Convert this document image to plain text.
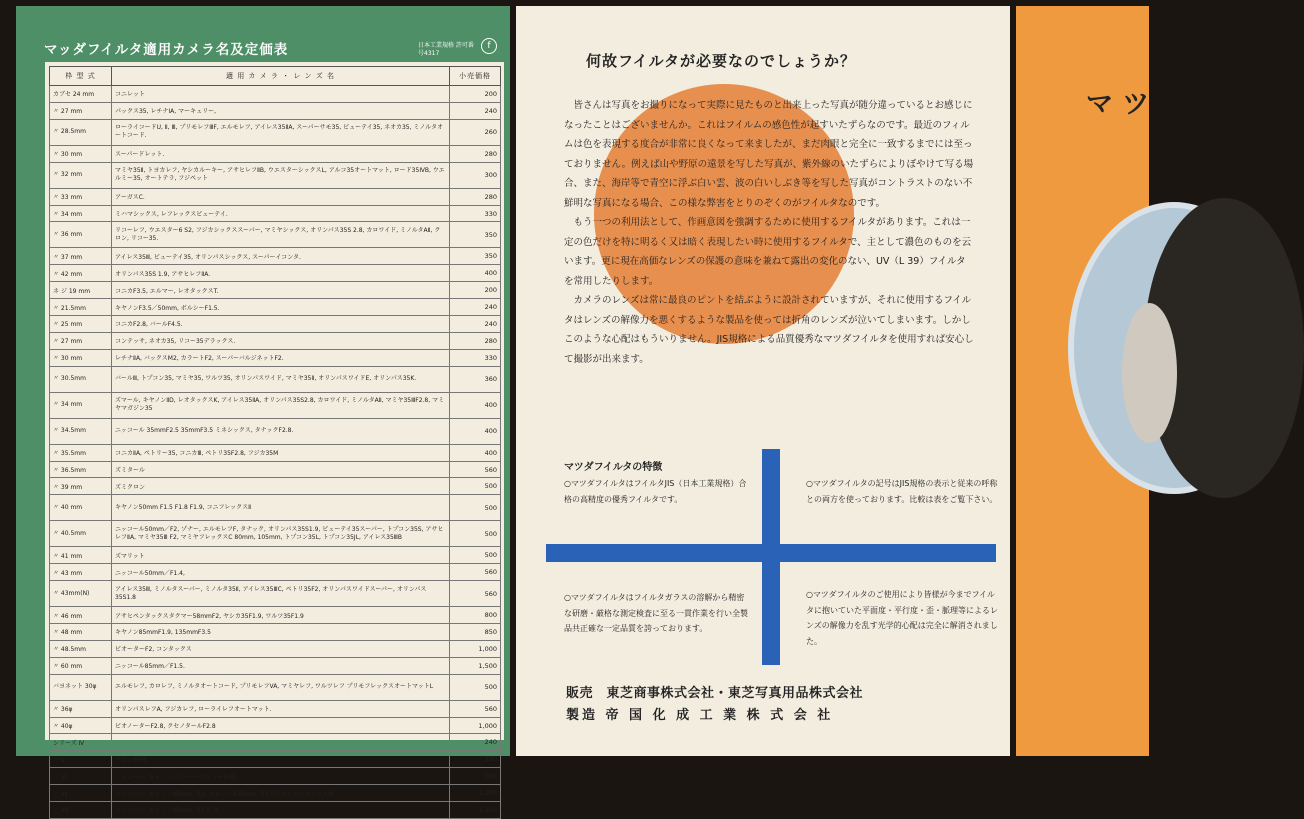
マッダフイルタ適用カメラ名及定価表	日本工業規格 許可番号4317
f
枠 型 式	適 用 カ メ ラ ・ レ ン ズ 名	小売価格
カブセ 24 mm	コニレット	200
〃 27 mm	パックス35, レチナⅠA, マーキュリー,	240
〃 28.5mm	ローライコードU, Ⅱ, Ⅲ, プリモレフⅢF, エルモレフ, アイレス35ⅡA, スーパーサモ35, ビューテイ35, ネオカ35, ミノルタオートコード.	260
〃 30 mm	スーパードレット.	280
〃 32 mm	マミヤ35Ⅱ, トヨカレフ, ヤシカルーキー, アサヒレフⅡB, ウエスターシックスL, アルコ35オートマット, ロード35ⅣB, ウエルミー35, オートテラ, フジペット	300
〃 33 mm	アーガスC.	280
〃 34 mm	ミハマシックス, レフレックスビューテイ.	330
〃 36 mm	リコーレフ, ウエスター6 S2, フジカシックススーパー, マミヤシックス, オリンパス35S 2.8, カロワイド, ミノルタAⅡ, クロン, リコー35.	350
〃 37 mm	アイレス35Ⅲ, ビューテイ35, オリンパスシックス, スーパーイコンタ.	350
〃 42 mm	オリンパス35S 1.9, アサヒレフⅡA.	400
ネ ジ 19 mm	コニカF3.5, エルマー, レオタックスT.	200
〃 21.5mm	キヤノンF3.5／50mm, ボルシーF1.5.	240
〃 25 mm	コニカF2.8, バールF4.5.	240
〃 27 mm	コンテッサ, ネオカ35, リコー35デラックス.	280
〃 30 mm	レチナⅡA, バックスM2, カラートF2, スーパーバルジネットF2.	330
〃 30.5mm	バールⅢ, トプコン35, マミヤ35, ワルツ35, オリンパスワイド, マミヤ35Ⅱ, オリンパスワイドE, オリンパス35K.	360
〃 34 mm	ズマール, キヤノンⅡD, レオタックスK, アイレス35ⅡA, オリンパス35S2.8, カロワイド, ミノルタAⅡ, マミヤ35ⅢF2.8, マミヤマガジン35	400
〃 34.5mm	ニッコール 35mmF2.5 35mmF3.5 ミネシックス, タナックF2.8.	400
〃 35.5mm	コニカⅡA, ペトリー35, コニカⅢ, ペトリ35F2.8, フジカ35M	400
〃 36.5mm	ズミタール	560
〃 39 mm	ズミクロン	500
〃 40 mm	キヤノン50mm F1.5 F1.8 F1.9, コニフレックスⅡ	500
〃 40.5mm	ニッコール50mm／F2, ゾナー, エルモレフF, タナック, オリンパス35S1.9, ビューテイ35スーパー, トプコン35S, アサヒレフⅡA, マミヤ35Ⅲ F2, マミヤフレックスC 80mm, 105mm, トプコン35L, トプコン35JL, アイレス35ⅢB	500
〃 41 mm	ズマリット	500
〃 43 mm	ニッコール50mm／F1.4,	560
〃 43mm(N)	アイレス35Ⅲ, ミノルタスーパー, ミノルタ35Ⅱ, アイレス35ⅢC, ペトリ35F2, オリンパスワイドスーパー, オリンパス35S1.8	560
〃 46 mm	アサヒペンタックスタクマー58mmF2, ヤシカ35F1.9, ワルツ35F1.9	800
〃 48 mm	キヤノン85mmF1.9, 135mmF3.5	850
〃 48.5mm	ビオーターF2, コンタックス	1,000
〃 60 mm	ニッコール85mm／F1.5.	1,500
バヨネット 30φ	エルモレフ, カロレフ, ミノルタオートコード, プリモレフVA, マミヤレフ, ワルツレフ プリモフレックスオートマットL	500
〃 36φ	オリンパスレフA, フジカレフ, ローライレフオートマット.	560
〃 40φ	ビオノーターF2.8, クセノタールF2.8	1,000
シリーズ Ⅳ		240
〃 Ⅴ	ワルツ35他.	330
〃 Ⅵ	ニッコール, キャノン, スーパーロッコール他.	500
〃 Ⅶ	ニッコール, キャノン85mm／F2, キャノン135mm／F3.5アサヒペンタックス他.	1,000
〃 Ⅷ	ニッコール, キャノン85mm／F1.5 他.	1,350
何故フイルタが必要なのでしょうか？

皆さんは写真をお撮りになって実際に見たものと出来上った写真が随分違っているとお感じになったことはございませんか。これはフイルムの感色性が起すいたずらなのです。最近のフィルムは色を表現する度合が非常に良くなって来ましたが、まだ肉眼と完全に一致するまでには至っておりません。例えば山や野原の遠景を写した写真が、紫外線のいたずらによりぼやけて写る場合、また、海岸等で青空に浮ぶ白い雲、波の白いしぶき等を写した写真がコントラストのない不鮮明な写真になる場合、この様な弊害をとりのぞくのがフイルタなのです。

もう一つの利用法として、作画意図を強調するために使用するフイルタがあります。これは一定の色だけを特に明るく又は暗く表現したい時に使用するフイルタで、主として濃色のものを云います。更に現在高価なレンズの保護の意味を兼ねて露出の変化のない、UV（L 39）フイルタを常用したりします。

カメラのレンズは常に最良のピントを結ぶように設計されていますが、それに使用するフイルタはレンズの解像力を悪くするような製品を使っては折角のレンズが泣いてしまいます。しかしこのような心配はもういりません。JIS規格による品質優秀なマツダフイルタを使用すれば安心して撮影が出来ます。

マツダフイルタの特徴
○マツダフイルタはフイルタJIS（日本工業規格）合格の高精度の優秀フイルタです。
○マツダフイルタの記号はJIS規格の表示と従来の呼称との両方を使っております。比較は表をご覧下さい。
○マツダフイルタはフイルタガラスの溶解から精密な研磨・厳格な測定検査に至る一貫作業を行い全製品共正確な一定品質を誇っております。
○マツダフイルタのご使用により皆様が今までフイルタに抱いていた平面度・平行度・歪・脈理等によるレンズの解像力を乱す光学的心配は完全に解消されました。
販売　東芝商事株式会社・東芝写真用品株式会社
製造 帝 国 化 成 工 業 株 式 会 社
マツ
